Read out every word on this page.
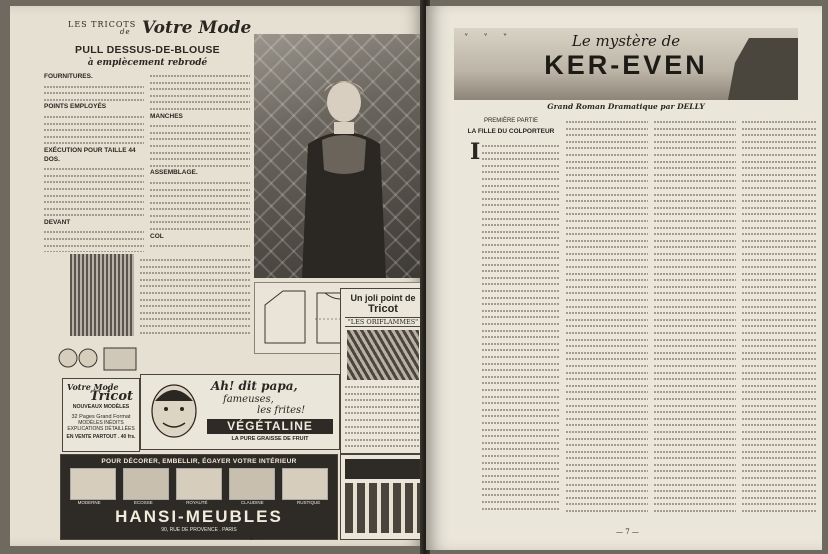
LES TRICOTS
de Votre Mode
PULL DESSUS-DE-BLOUSE
à empiècement rebrodé
FOURNITURES.
POINTS EMPLOYÉS
EXÉCUTION POUR TAILLE 44
DOS.
DEVANT
MANCHES
ASSEMBLAGE.
COL
Votre Mode
Tricot
NOUVEAUX MODÈLES
32 Pages Grand Format
MODÈLES INÉDITS
EXPLICATIONS DÉTAILLÉES
EN VENTE PARTOUT . 40 frs.
Ah! dit papa,
fameuses,
les frites!
VÉGÉTALINE
LA PURE GRAISSE DE FRUIT
Un joli point de
Tricot
"LES ORIFLAMMES"
POUR DÉCORER, EMBELLIR, ÉGAYER VOTRE INTÉRIEUR
MODERNE	ECOSSE	ROYAUTÉ	CLAUDINE	RUSTIQUE
HANSI-MEUBLES
90, RUE DE PROVENCE . PARIS
— 6 —
˅ ˅ ˅	Le mystère de
KER-EVEN
Grand Roman Dramatique par DELLY
PREMIÈRE PARTIE
LA FILLE DU COLPORTEUR
I
— 7 —
